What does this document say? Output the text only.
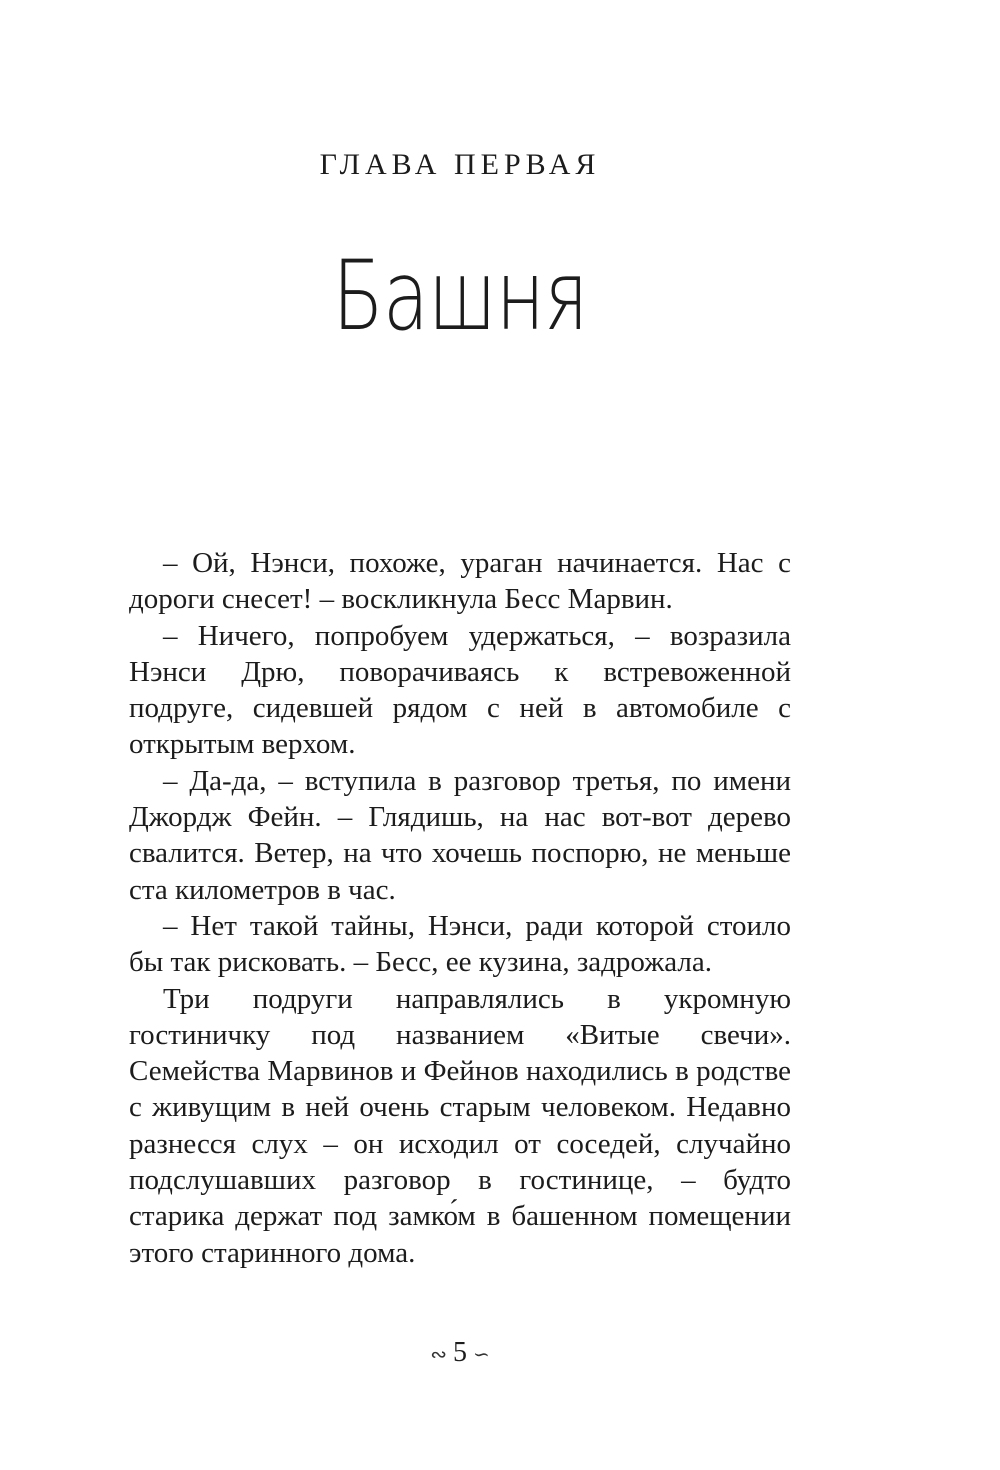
ГЛАВА ПЕРВАЯ
Башня

– Ой, Нэнси, похоже, ураган начинается. Нас с дороги снесет! – воскликнула Бесс Марвин.

– Ничего, попробуем удержаться, – возразила Нэнси Дрю, поворачиваясь к встревоженной подруге, сидевшей рядом с ней в автомобиле с открытым верхом.

– Да-да, – вступила в разговор третья, по имени Джордж Фейн. – Глядишь, на нас вот-вот дерево свалится. Ветер, на что хочешь поспорю, не меньше ста километров в час.

– Нет такой тайны, Нэнси, ради которой стоило бы так рисковать. – Бесс, ее кузина, задрожала.

Три подруги направлялись в укромную гостиничку под названием «Витые свечи». Семейства Марвинов и Фейнов находились в родстве с живущим в ней очень старым человеком. Недавно разнесся слух – он исходил от соседей, случайно подслушавших разговор в гостинице, – будто старика держат под замко́м в башенном помещении этого старинного дома.

∾ 5 ∽
